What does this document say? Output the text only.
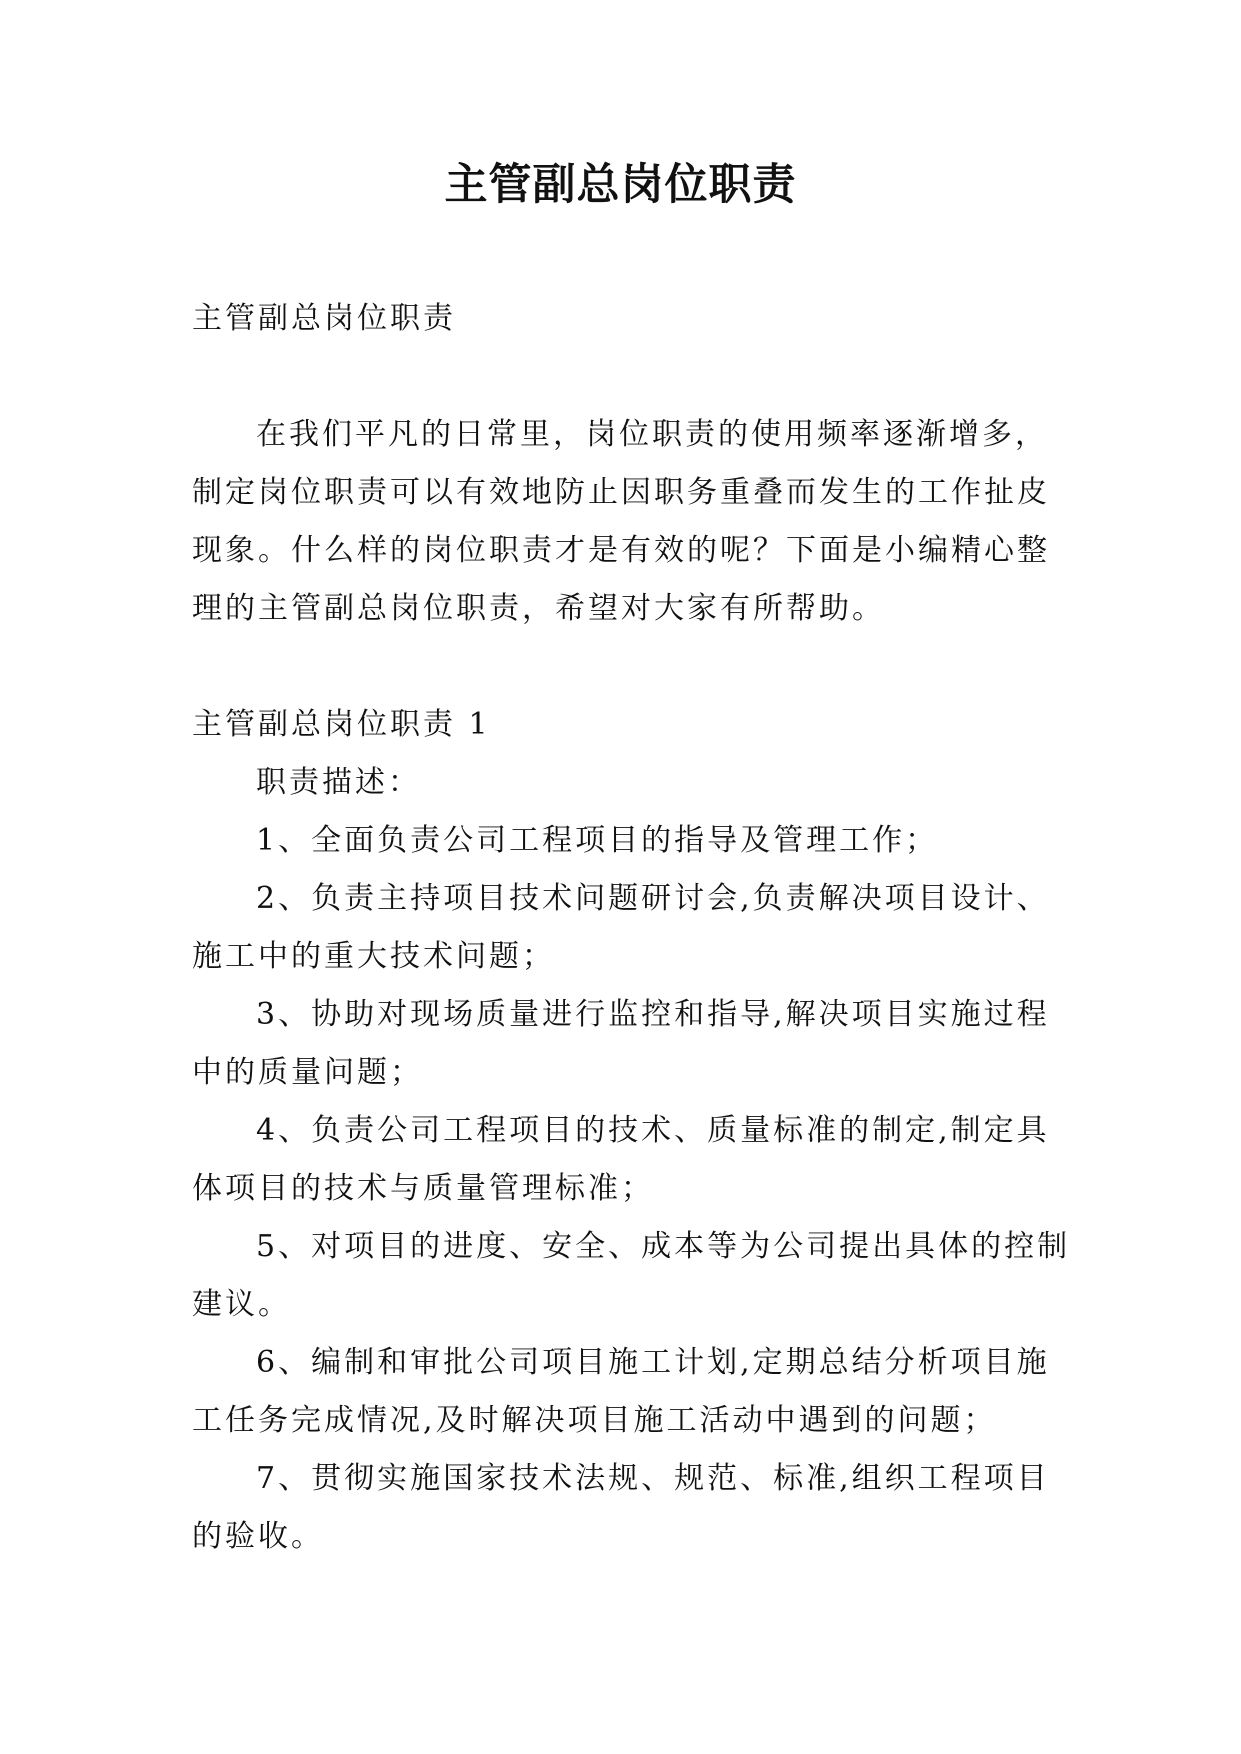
主管副总岗位职责

主管副总岗位职责

在我们平凡的日常里，岗位职责的使用频率逐渐增多，制定岗位职责可以有效地防止因职务重叠而发生的工作扯皮现象。什么样的岗位职责才是有效的呢？下面是小编精心整理的主管副总岗位职责，希望对大家有所帮助。

主管副总岗位职责 1

职责描述：

1、全面负责公司工程项目的指导及管理工作；

2、负责主持项目技术问题研讨会,负责解决项目设计、施工中的重大技术问题；

3、协助对现场质量进行监控和指导,解决项目实施过程中的质量问题；

4、负责公司工程项目的技术、质量标准的制定,制定具体项目的技术与质量管理标准；

5、对项目的进度、安全、成本等为公司提出具体的控制建议。

6、编制和审批公司项目施工计划,定期总结分析项目施工任务完成情况,及时解决项目施工活动中遇到的问题；

7、贯彻实施国家技术法规、规范、标准,组织工程项目的验收。
